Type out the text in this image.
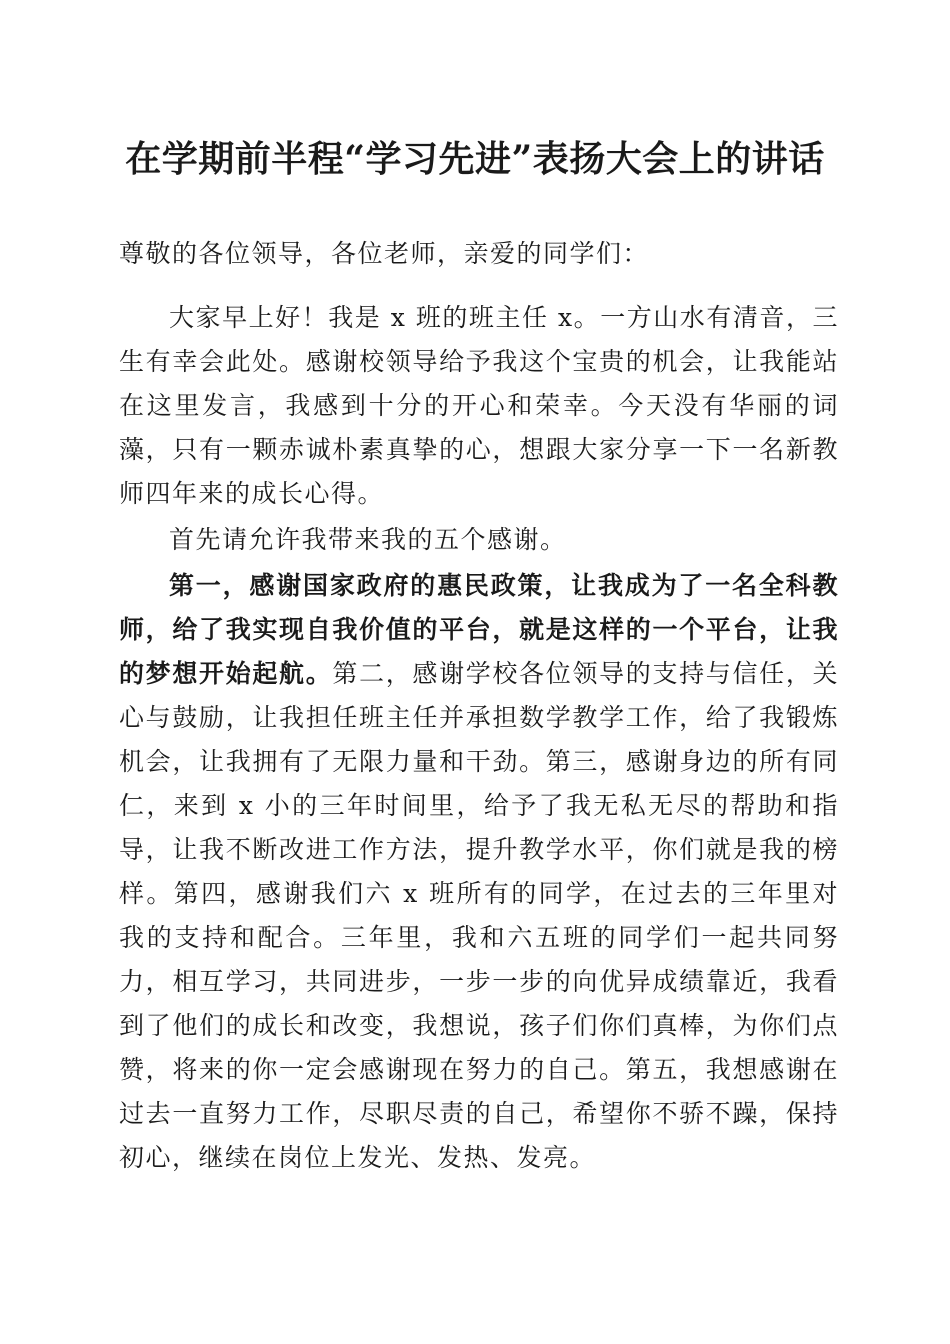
在学期前半程“学习先进”表扬大会上的讲话

尊敬的各位领导，各位老师，亲爱的同学们：

大家早上好！我是 x 班的班主任 x。一方山水有清音，三生有幸会此处。感谢校领导给予我这个宝贵的机会，让我能站在这里发言，我感到十分的开心和荣幸。今天没有华丽的词藻，只有一颗赤诚朴素真挚的心，想跟大家分享一下一名新教师四年来的成长心得。

首先请允许我带来我的五个感谢。

第一，感谢国家政府的惠民政策，让我成为了一名全科教师，给了我实现自我价值的平台，就是这样的一个平台，让我的梦想开始起航。第二，感谢学校各位领导的支持与信任，关心与鼓励，让我担任班主任并承担数学教学工作，给了我锻炼机会，让我拥有了无限力量和干劲。第三，感谢身边的所有同仁，来到 x 小的三年时间里，给予了我无私无尽的帮助和指导，让我不断改进工作方法，提升教学水平，你们就是我的榜样。第四，感谢我们六 x 班所有的同学，在过去的三年里对我的支持和配合。三年里，我和六五班的同学们一起共同努力，相互学习，共同进步，一步一步的向优异成绩靠近，我看到了他们的成长和改变，我想说，孩子们你们真棒，为你们点赞，将来的你一定会感谢现在努力的自己。第五，我想感谢在过去一直努力工作，尽职尽责的自己，希望你不骄不躁，保持初心，继续在岗位上发光、发热、发亮。
